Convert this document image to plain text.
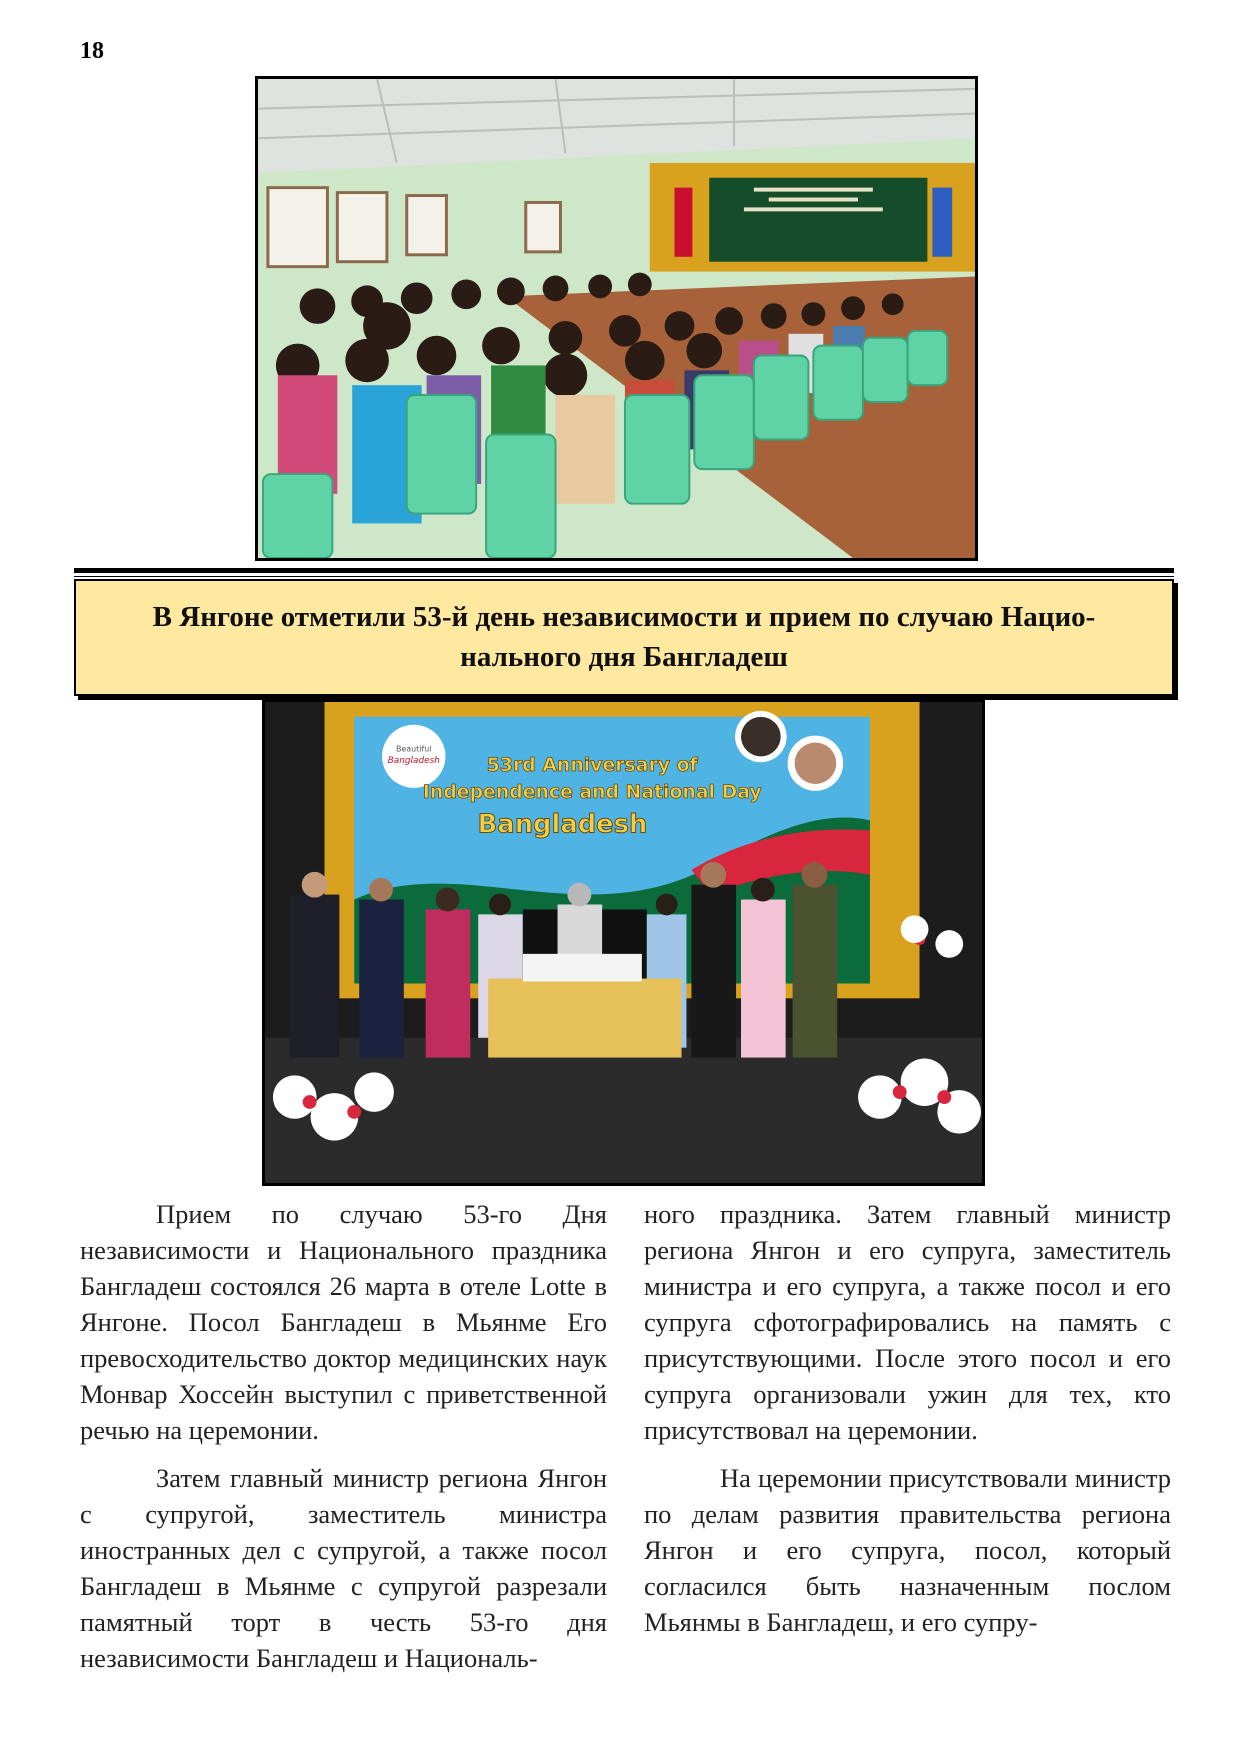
18
В Янгоне отметили 53-й день независимости и прием по случаю Нацио-
нального дня Бангладеш
Beautiful
Bangladesh 53rd Anniversary of
Independence and National Day
Bangladesh

Прием по случаю 53-го Дня независимости и Национального праздника Бангладеш состоялся 26 марта в отеле Lotte в Янгоне. Посол Бангладеш в Мьянме Его превосходительство доктор медицинских наук Монвар Хоссейн выступил с приветственной речью на церемонии.

Затем главный министр региона Янгон с супругой, заместитель министра иностранных дел с супругой, а также посол Бангладеш в Мьянме с супругой разрезали памятный торт в честь 53-го дня независимости Бангладеш и Националь-

ного праздника. Затем главный министр региона Янгон и его супруга, заместитель министра и его супруга, а также посол и его супруга сфотографировались на память с присутствующими. После этого посол и его супруга организовали ужин для тех, кто присутствовал на церемонии.

На церемонии присутствовали министр по делам развития правительства региона Янгон и его супруга, посол, который согласился быть назначенным послом Мьянмы в Бангладеш, и его супру-
